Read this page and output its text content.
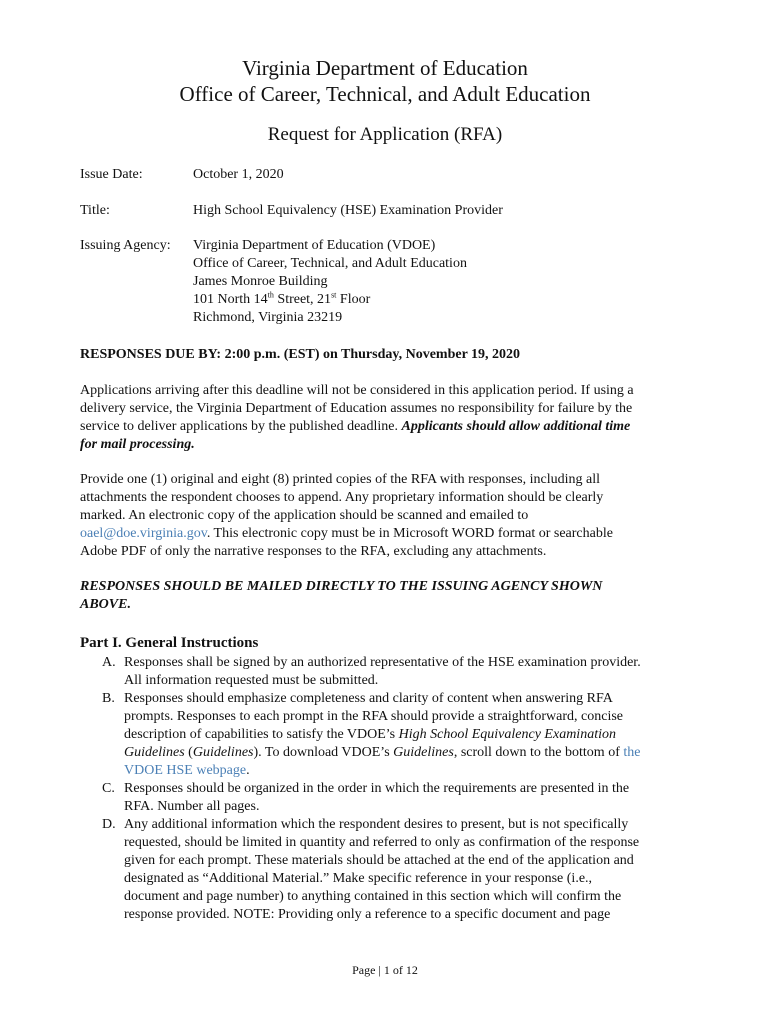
Virginia Department of Education
Office of Career, Technical, and Adult Education
Request for Application (RFA)
Issue Date:	October 1, 2020
Title:	High School Equivalency (HSE) Examination Provider
Issuing Agency: Virginia Department of Education (VDOE)
Office of Career, Technical, and Adult Education
James Monroe Building
101 North 14th Street, 21st Floor
Richmond, Virginia 23219
RESPONSES DUE BY: 2:00 p.m. (EST) on Thursday, November 19, 2020
Applications arriving after this deadline will not be considered in this application period. If using a
delivery service, the Virginia Department of Education assumes no responsibility for failure by the
service to deliver applications by the published deadline. Applicants should allow additional time
for mail processing.
Provide one (1) original and eight (8) printed copies of the RFA with responses, including all
attachments the respondent chooses to append. Any proprietary information should be clearly
marked. An electronic copy of the application should be scanned and emailed to
oael@doe.virginia.gov. This electronic copy must be in Microsoft WORD format or searchable
Adobe PDF of only the narrative responses to the RFA, excluding any attachments.
RESPONSES SHOULD BE MAILED DIRECTLY TO THE ISSUING AGENCY SHOWN
ABOVE.
Part I. General Instructions
A. Responses shall be signed by an authorized representative of the HSE examination provider.
All information requested must be submitted.
B. Responses should emphasize completeness and clarity of content when answering RFA
prompts. Responses to each prompt in the RFA should provide a straightforward, concise
description of capabilities to satisfy the VDOE’s High School Equivalency Examination
Guidelines (Guidelines). To download VDOE’s Guidelines, scroll down to the bottom of the
VDOE HSE webpage.
C. Responses should be organized in the order in which the requirements are presented in the
RFA. Number all pages.
D. Any additional information which the respondent desires to present, but is not specifically
requested, should be limited in quantity and referred to only as confirmation of the response
given for each prompt. These materials should be attached at the end of the application and
designated as “Additional Material.” Make specific reference in your response (i.e.,
document and page number) to anything contained in this section which will confirm the
response provided. NOTE: Providing only a reference to a specific document and page
Page | 1 of 12
